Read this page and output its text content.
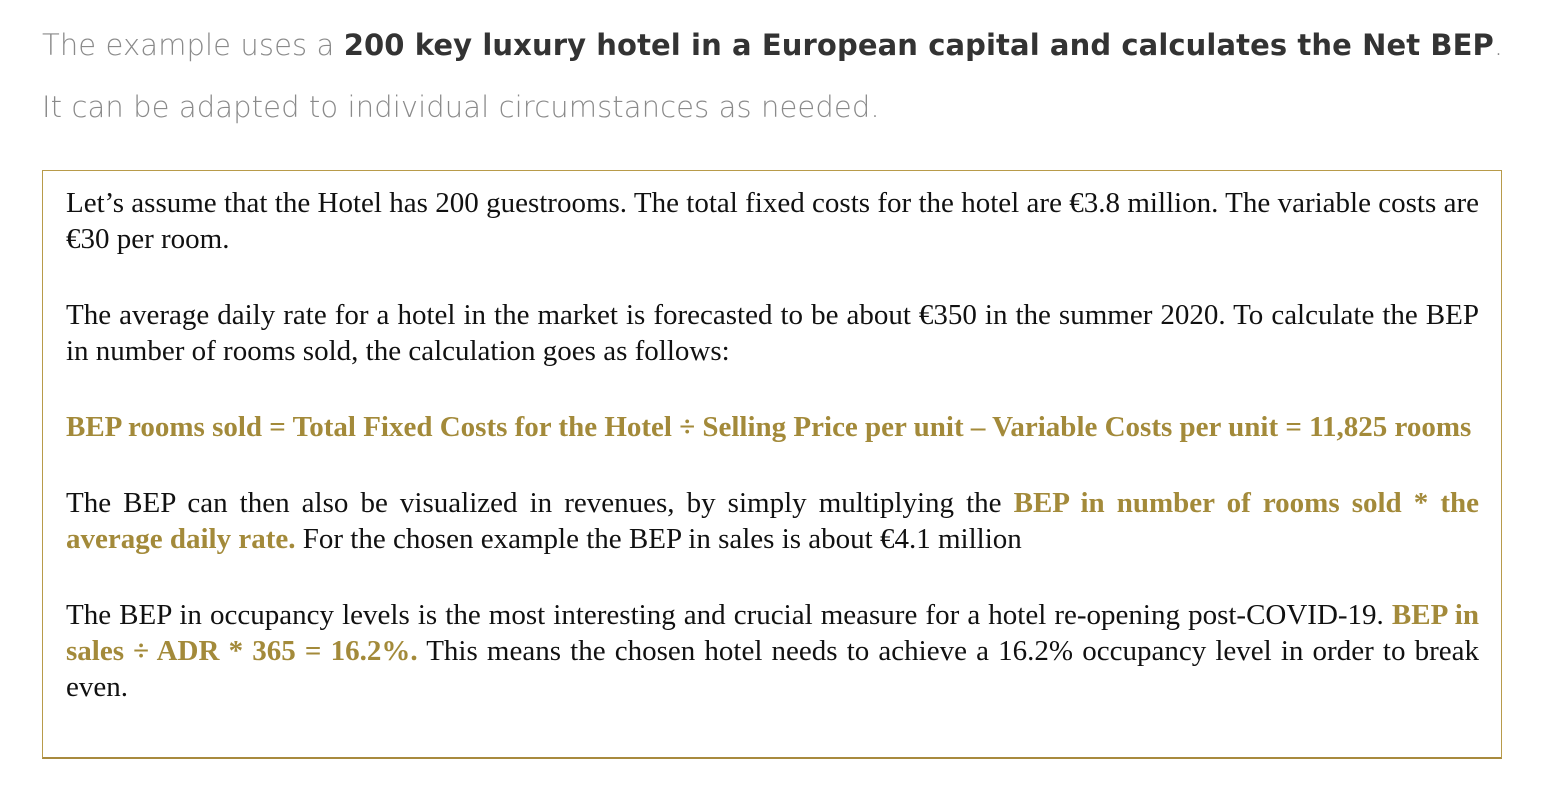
The example uses a 200 key luxury hotel in a European capital and calculates the Net BEP. It can be adapted to individual circumstances as needed.

Let’s assume that the Hotel has 200 guestrooms. The total fixed costs for the hotel are €3.8 million. The variable costs are €30 per room.

The average daily rate for a hotel in the market is forecasted to be about €350 in the summer 2020. To calculate the BEP in number of rooms sold, the calculation goes as follows:

BEP rooms sold = Total Fixed Costs for the Hotel ÷ Selling Price per unit – Variable Costs per unit = 11,825 rooms

The BEP can then also be visualized in revenues, by simply multiplying the BEP in number of rooms sold * the average daily rate. For the chosen example the BEP in sales is about €4.1 million

The BEP in occupancy levels is the most interesting and crucial measure for a hotel re-opening post-COVID-19. BEP in sales ÷ ADR * 365 = 16.2%. This means the chosen hotel needs to achieve a 16.2% occupancy level in order to break even.
